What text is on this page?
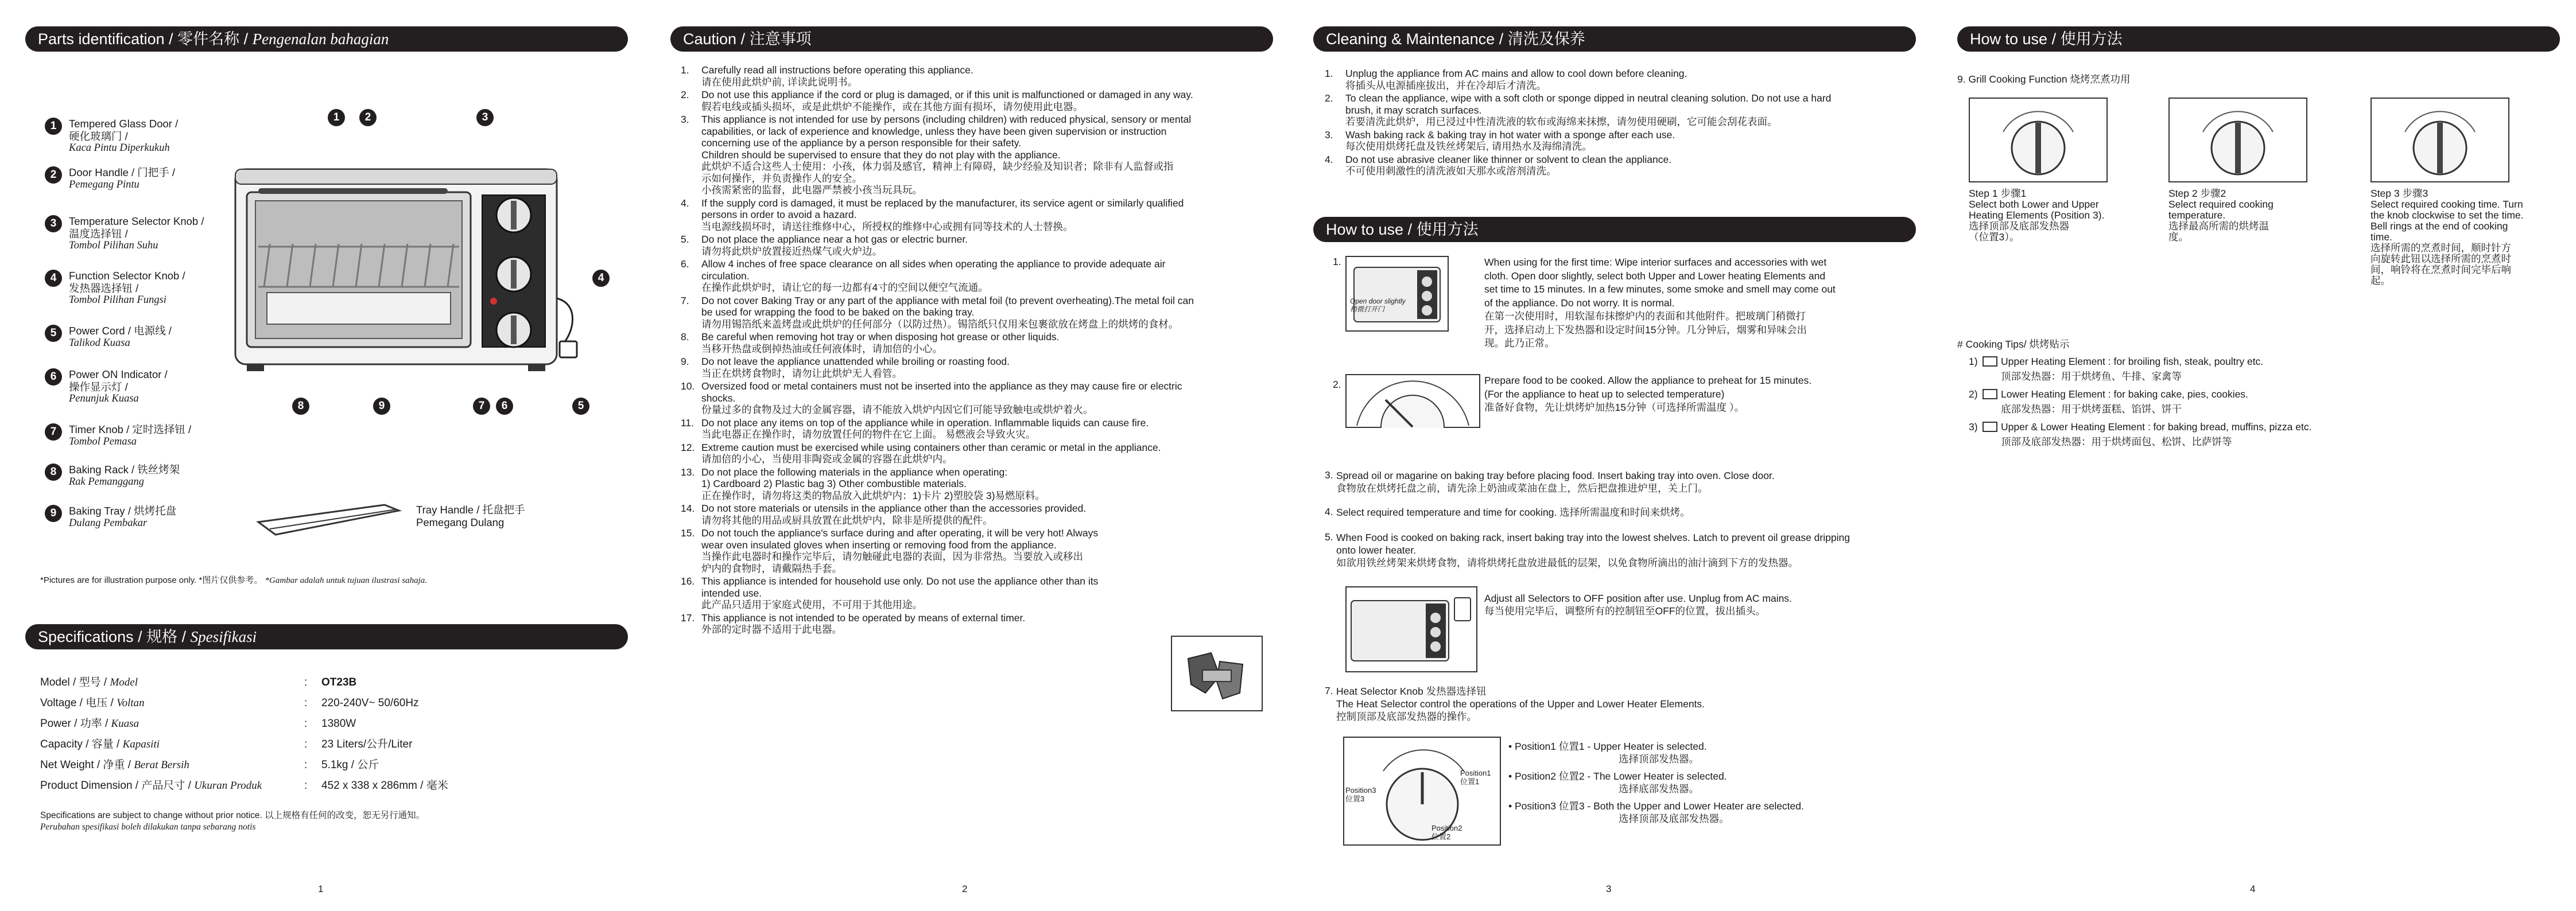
Parts identification / 零件名称 / Pengenalan bahagian
1	Tempered Glass Door /
硬化玻璃门 /
Kaca Pintu Diperkukuh
2	Door Handle / 门把手 /
Pemegang Pintu
3	Temperature Selector Knob /
温度选择钮 /
Tombol Pilihan Suhu
4	Function Selector Knob /
发热器选择钮 /
Tombol Pilihan Fungsi
5	Power Cord / 电源线 /
Talikod Kuasa
6	Power ON Indicator /
操作显示灯 /
Penunjuk Kuasa
7	Timer Knob / 定时选择钮 /
Tombol Pemasa
8	Baking Rack / 铁丝烤架
Rak Pemanggang
9	Baking Tray / 烘烤托盘
Dulang Pembakar
1	2	3
4
8	9	7	6	5
Tray Handle / 托盘把手
Pemegang Dulang
*Pictures are for illustration purpose only. *图片仅供参考。 *Gambar adalah untuk tujuan ilustrasi sahaja.
Specifications / 规格 / Spesifikasi
Model / 型号 / Model	: OT23B
Voltage / 电压 / Voltan	: 220-240V~ 50/60Hz
Power / 功率 / Kuasa	: 1380W
Capacity / 容量 / Kapasiti	: 23 Liters/公升/Liter
Net Weight / 净重 / Berat Bersih	: 5.1kg / 公斤
Product Dimension / 产品尺寸 / Ukuran Produk	: 452 x 338 x 286mm / 毫米
Specifications are subject to change without prior notice. 以上规格有任何的改变，恕无另行通知。
Perubahan spesifikasi boleh dilakukan tanpa sebarang notis
1
Caution / 注意事项
1.	Carefully read all instructions before operating this appliance.
请在使用此烘炉前, 详读此说明书。
2.	Do not use this appliance if the cord or plug is damaged, or if this unit is malfunctioned or damaged in any way.
假若电线或插头损坏，或是此烘炉不能操作，或在其他方面有损坏，请勿使用此电器。
3.	This appliance is not intended for use by persons (including children) with reduced physical, sensory or mental
capabilities, or lack of experience and knowledge, unless they have been given supervision or instruction
concerning use of the appliance by a person responsible for their safety.
Children should be supervised to ensure that they do not play with the appliance.
此烘炉不适合这些人士使用：小孩，体力弱及感官，精神上有障碍，缺少经验及知识者；除非有人监督或指
示如何操作，并负责操作人的安全。
小孩需紧密的监督，此电器严禁被小孩当玩具玩。
4.	If the supply cord is damaged, it must be replaced by the manufacturer, its service agent or similarly qualified
persons in order to avoid a hazard.
当电源线损坏时，请送往维修中心，所授权的维修中心或拥有同等技术的人士替换。
5.	Do not place the appliance near a hot gas or electric burner.
请勿将此烘炉放置接近热煤气或火炉边。
6.	Allow 4 inches of free space clearance on all sides when operating the appliance to provide adequate air
circulation.
在操作此烘炉时，请让它的每一边都有4寸的空间以便空气流通。
7.	Do not cover Baking Tray or any part of the appliance with metal foil (to prevent overheating).The metal foil can
be used for wrapping the food to be baked on the baking tray.
请勿用锡箔纸来盖烤盘或此烘炉的任何部分（以防过热）。锡箔纸只仅用来包裹欲放在烤盘上的烘烤的食材。
8.	Be careful when removing hot tray or when disposing hot grease or other liquids.
当移开热盘或倒掉热油或任何液体时，请加倍的小心。
9.	Do not leave the appliance unattended while broiling or roasting food.
当正在烘烤食物时，请勿让此烘炉无人看管。
10. Oversized food or metal containers must not be inserted into the appliance as they may cause fire or electric
shocks.
份量过多的食物及过大的金属容器，请不能放入烘炉内因它们可能导致触电或烘炉着火。
11. Do not place any items on top of the appliance while in operation. Inflammable liquids can cause fire.
当此电器正在操作时，请勿放置任何的物件在它上面。 易燃液会导致火灾。
12. Extreme caution must be exercised while using containers other than ceramic or metal in the appliance.
请加倍的小心，当使用非陶瓷或金属的容器在此烘炉内。
13. Do not place the following materials in the appliance when operating:
1) Cardboard 2) Plastic bag 3) Other combustible materials.
正在操作时，请勿将这类的物品放入此烘炉内：1)卡片 2)塑胶袋 3)易燃原料。
14. Do not store materials or utensils in the appliance other than the accessories provided.
请勿将其他的用品或厨具放置在此烘炉内，除非是所提供的配件。
15. Do not touch the appliance's surface during and after operating, it will be very hot! Always
wear oven insulated gloves when inserting or removing food from the appliance.
当操作此电器时和操作完毕后，请勿触碰此电器的表面，因为非常热。当要放入或移出
炉内的食物时，请戴隔热手套。
16. This appliance is intended for household use only. Do not use the appliance other than its
intended use.
此产品只适用于家庭式使用，不可用于其他用途。
17. This appliance is not intended to be operated by means of external timer.
外部的定时器不适用于此电器。
2
Cleaning & Maintenance / 清洗及保养
1.	Unplug the appliance from AC mains and allow to cool down before cleaning.
将插头从电源插座拔出，并在冷却后才清洗。
2.	To clean the appliance, wipe with a soft cloth or sponge dipped in neutral cleaning solution. Do not use a hard
brush, it may scratch surfaces.
若要清洗此烘炉，用已浸过中性清洗液的软布或海绵来抹擦，请勿使用硬刷，它可能会刮花表面。
3.	Wash baking rack & baking tray in hot water with a sponge after each use.
每次使用烘烤托盘及铁丝烤架后, 请用热水及海绵清洗。
4.	Do not use abrasive cleaner like thinner or solvent to clean the appliance.
不可使用刺激性的清洗液如天那水或溶剂清洗。
How to use / 使用方法
1.
Open door slightly
稍微打开门
When using for the first time: Wipe interior surfaces and accessories with wet
cloth. Open door slightly, select both Upper and Lower heating Elements and
set time to 15 minutes. In a few minutes, some smoke and smell may come out
of the appliance. Do not worry. It is normal.
在第一次使用时，用软湿布抹擦炉内的表面和其他附件。把玻璃门稍微打
开，选择启动上下发热器和设定时间15分钟。几分钟后，烟雾和异味会出
现。此乃正常。
2.	Prepare food to be cooked. Allow the appliance to preheat for 15 minutes.
(For the appliance to heat up to selected temperature)
准备好食物，先让烘烤炉加热15分钟（可选择所需温度 ）。
3. Spread oil or magarine on baking tray before placing food. Insert baking tray into oven. Close door.
食物放在烘烤托盘之前，请先涂上奶油或菜油在盘上，然后把盘推进炉里，关上门。
4. Select required temperature and time for cooking. 选择所需温度和时间来烘烤。
5. When Food is cooked on baking rack, insert baking tray into the lowest shelves. Latch to prevent oil grease dripping
onto lower heater.
如欲用铁丝烤架来烘烤食物，请将烘烤托盘放进最低的层架，以免食物所滴出的油汁滴到下方的发热器。
Adjust all Selectors to OFF position after use. Unplug from AC mains.
每当使用完毕后，调整所有的控制钮至OFF的位置，拔出插头。
7. Heat Selector Knob 发热器选择钮
The Heat Selector control the operations of the Upper and Lower Heater Elements.
控制顶部及底部发热器的操作。
Position3
位置3
Position1
位置1
Position2
位置2
• Position1 位置1 - Upper Heater is selected.
选择顶部发热器。
• Position2 位置2 - The Lower Heater is selected.
选择底部发热器。
• Position3 位置3 - Both the Upper and Lower Heater are selected.
选择顶部及底部发热器。
3
How to use / 使用方法
9. Grill Cooking Function 烧烤烹煮功用
Step 1 步骤1
Select both Lower and Upper
Heating Elements (Position 3).
选择顶部及底部发热器
（位置3）。
Step 2 步骤2
Select required cooking
temperature.
选择最高所需的烘烤温
度。
Step 3 步骤3
Select required cooking time. Turn
the knob clockwise to set the time.
Bell rings at the end of cooking
time.
选择所需的烹煮时间，顺时针方
向旋转此钮以选择所需的烹煮时
间，响铃将在烹煮时间完毕后响
起。
# Cooking Tips/ 烘烤贴示
1) Upper Heating Element : for broiling fish, steak, poultry etc.
顶部发热器：用于烘烤鱼、牛排、家禽等
2) Lower Heating Element : for baking cake, pies, cookies.
底部发热器：用于烘烤蛋糕、馅饼、饼干
3) Upper & Lower Heating Element : for baking bread, muffins, pizza etc.
顶部及底部发热器：用于烘烤面包、松饼、比萨饼等
4
